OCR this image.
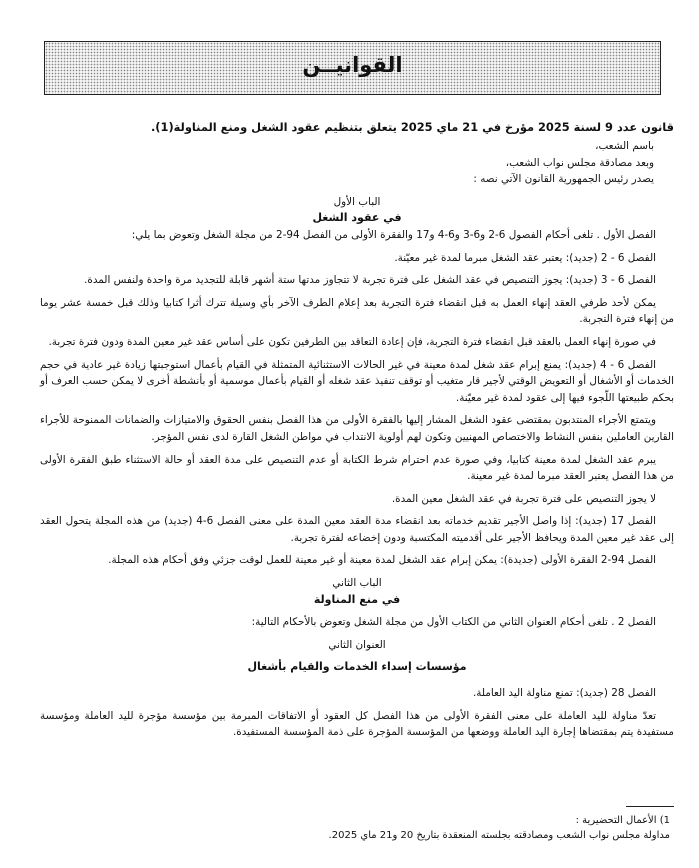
القوانيــن

قانون عدد 9 لسنة 2025 مؤرخ في 21 ماي 2025 يتعلق بتنظيم عقود الشغل ومنع المناولة(1).

باسم الشعب،

وبعد مصادقة مجلس نواب الشعب،

يصدر رئيس الجمهورية القانون الآتي نصه :

الباب الأول

في عقود الشغل

الفصل الأول . تلغى أحكام الفصول 6-2 و6-3 و6-4 و17 والفقرة الأولى من الفصل 94-2 من مجلة الشغل وتعوض بما يلي:

الفصل 6 - 2 (جديد): يعتبر عقد الشغل مبرما لمدة غير معيّنة.

الفصل 6 - 3 (جديد): يجوز التنصيص في عقد الشغل على فترة تجربة لا تتجاوز مدتها ستة أشهر قابلة للتجديد مرة واحدة ولنفس المدة.

يمكن لأحد طرفي العقد إنهاء العمل به قبل انقضاء فترة التجربة بعد إعلام الطرف الآخر بأي وسيلة تترك أثرا كتابيا وذلك قبل خمسة عشر يوما من إنهاء فترة التجربة.

في صورة إنهاء العمل بالعقد قبل انقضاء فترة التجربة، فإن إعادة التعاقد بين الطرفين تكون على أساس عقد غير معين المدة ودون فترة تجربة.

الفصل 6 - 4 (جديد): يمنع إبرام عقد شغل لمدة معينة في غير الحالات الاستثنائية المتمثلة في القيام بأعمال استوجبتها زيادة غير عادية في حجم الخدمات أو الأشغال أو التعويض الوقتي لأجير قار متغيب أو توقف تنفيذ عقد شغله أو القيام بأعمال موسمية أو بأنشطة أخرى لا يمكن حسب العرف أو بحكم طبيعتها اللّجوء فيها إلى عقود لمدة غير معيّنة.

ويتمتع الأجراء المنتدبون بمقتضى عقود الشغل المشار إليها بالفقرة الأولى من هذا الفصل بنفس الحقوق والامتيازات والضمانات الممنوحة للأجراء القارين العاملين بنفس النشاط والاختصاص المهنيين وتكون لهم أولوية الانتداب في مواطن الشغل القارة لدى نفس المؤجر.

يبرم عقد الشغل لمدة معينة كتابيا، وفي صورة عدم احترام شرط الكتابة أو عدم التنصيص على مدة العقد أو حالة الاستثناء طبق الفقرة الأولى من هذا الفصل يعتبر العقد مبرما لمدة غير معينة.

لا يجوز التنصيص على فترة تجربة في عقد الشغل معين المدة.

الفصل 17 (جديد): إذا واصل الأجير تقديم خدماته بعد انقضاء مدة العقد معين المدة على معنى الفصل 6-4 (جديد) من هذه المجلة يتحول العقد إلى عقد غير معين المدة ويحافظ الأجير على أقدميته المكتسبة ودون إخضاعه لفترة تجربة.

الفصل 94-2 الفقرة الأولى (جديدة): يمكن إبرام عقد الشغل لمدة معينة أو غير معينة للعمل لوقت جزئي وفق أحكام هذه المجلة.

الباب الثاني

في منع المناولة

الفصل 2 . تلغى أحكام العنوان الثاني من الكتاب الأول من مجلة الشغل وتعوض بالأحكام التالية:

العنوان الثاني

مؤسسات إسداء الخدمات والقيام بأشغال

الفصل 28 (جديد): تمنع مناولة اليد العاملة.

تعدّ مناولة لليد العاملة على معنى الفقرة الأولى من هذا الفصل كل العقود أو الاتفاقات المبرمة بين مؤسسة مؤجرة لليد العاملة ومؤسسة مستفيدة يتم بمقتضاها إجارة اليد العاملة ووضعها من المؤسسة المؤجرة على ذمة المؤسسة المستفيدة.

1) الأعمال التحضيرية :
مداولة مجلس نواب الشعب ومصادقته بجلسته المنعقدة بتاريخ 20 و21 ماي 2025.
